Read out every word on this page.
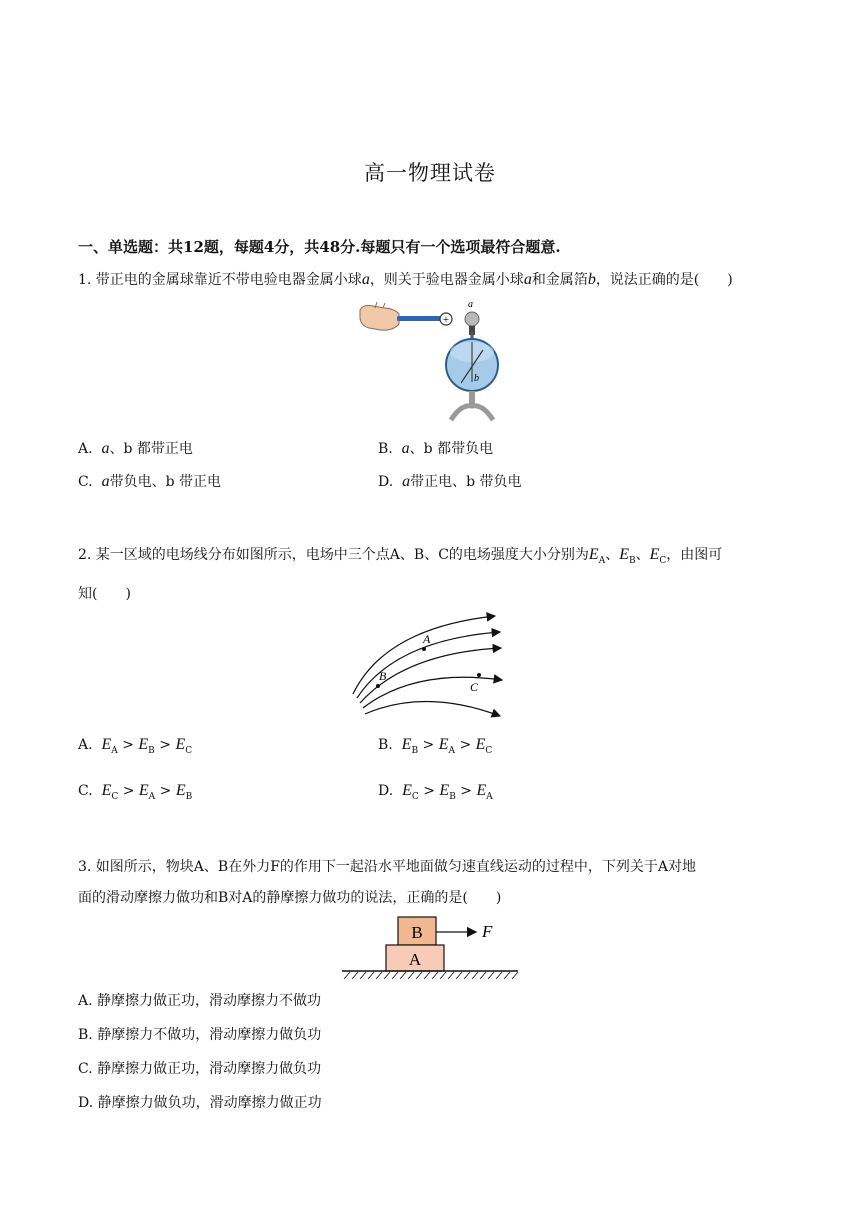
高一物理试卷
一、单选题：共12题，每题4分，共48分.每题只有一个选项最符合题意.
1. 带正电的金属球靠近不带电验电器金属小球a，则关于验电器金属小球a和金属箔b，说法正确的是(　　)
+
a
b
A. a、b 都带正电	B. a、b 都带负电
C. a带负电、b 带正电	D. a带正电、b 带负电
2. 某一区域的电场线分布如图所示，电场中三个点A、B、C的电场强度大小分别为$E_A$、$E_B$、$E_C$，由图可
知(　　)
A
B
C
A. $E_A > E_B > E_C$	B. $E_B > E_A > E_C$
C. $E_C > E_A > E_B$	D. $E_C > E_B > E_A$
3. 如图所示，物块A、B在外力F的作用下一起沿水平地面做匀速直线运动的过程中，下列关于A对地
面的滑动摩擦力做功和B对A的静摩擦力做功的说法，正确的是(　　)
B
A
F
A. 静摩擦力做正功，滑动摩擦力不做功
B. 静摩擦力不做功，滑动摩擦力做负功
C. 静摩擦力做正功，滑动摩擦力做负功
D. 静摩擦力做负功，滑动摩擦力做正功
